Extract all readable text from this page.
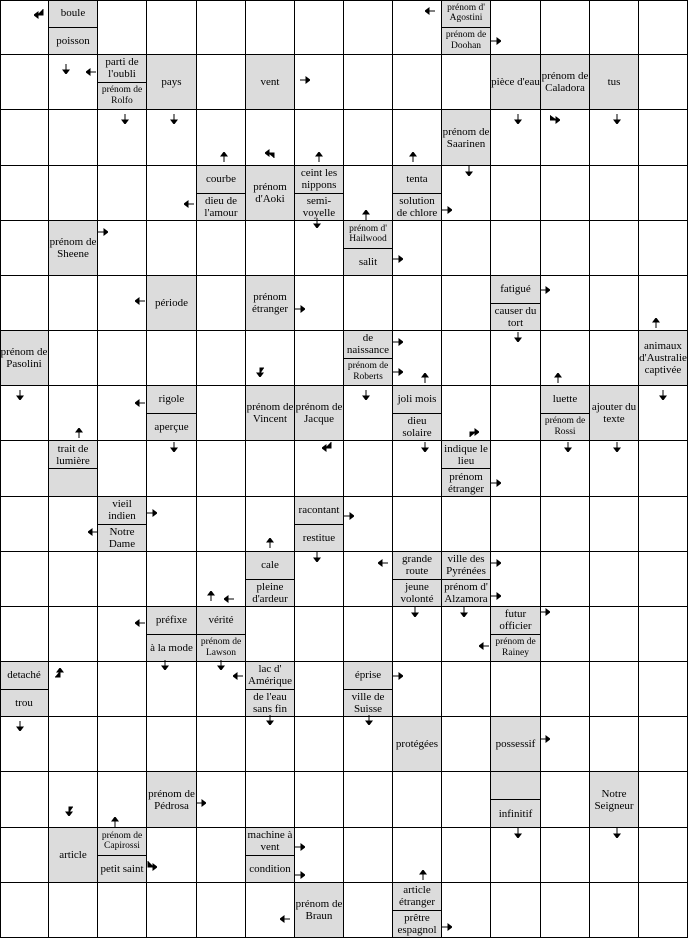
boule
poisson
prénom d' Agostini
prénom de Doohan
parti de l'oubli
prénom de Rolfo
pays	vent	pièce d'eau prénom de Caladora	tus
prénom de Saarinen
courbe
dieu de l'amour
prénom d'Aoki
ceint les nippons
semi-voyelle
tenta
solution de chlore
prénom de Sheene
prénom d' Hailwood
salit
période	prénom étranger
fatigué
causer du tort
prénom de Pasolini
de naissance
prénom de Roberts
animaux d'Australie captivée
rigole
aperçue
prénom de Vincent
prénom de Jacque
joli mois
dieu solaire
luette
prénom de Rossi
ajouter du texte
trait de lumière
indique le lieu
prénom étranger
vieil indien
Notre Dame
racontant
restitue
cale
pleine d'ardeur
grande route
jeune volonté
ville des Pyrénées
prénom d' Alzamora
préfixe
à la mode
vérité
prénom de Lawson
futur officier
prénom de Rainey
detaché
trou
lac d' Amérique
de l'eau sans fin
éprise
ville de Suisse
protégées	possessif
prénom de Pédrosa
infinitif
Notre Seigneur
article
prénom de Capirossi
petit saint
machine à vent
condition
prénom de Braun
article étranger
prêtre espagnol
